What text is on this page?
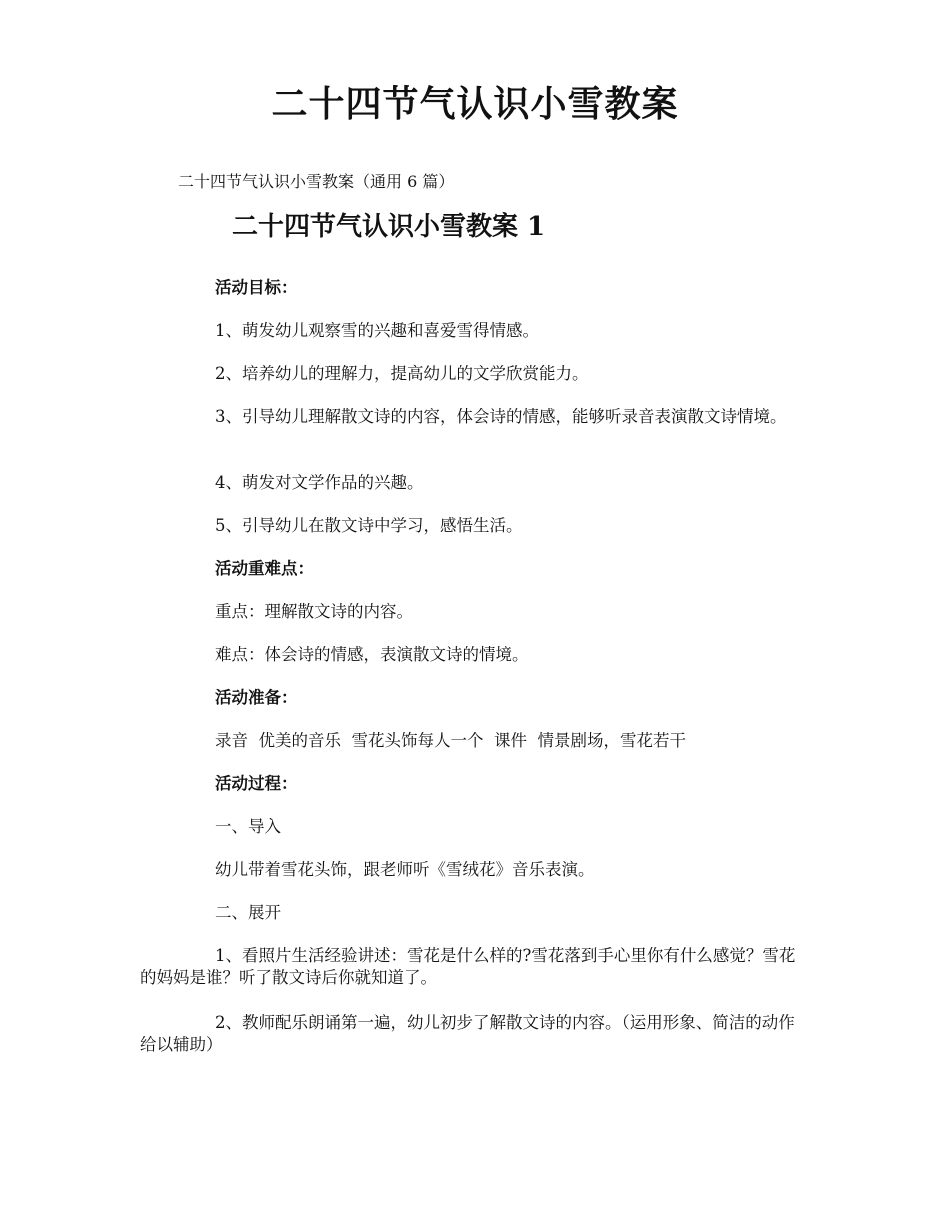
二十四节气认识小雪教案

二十四节气认识小雪教案（通用 6 篇）

二十四节气认识小雪教案 1

活动目标：

1、萌发幼儿观察雪的兴趣和喜爱雪得情感。

2、培养幼儿的理解力，提高幼儿的文学欣赏能力。

3、引导幼儿理解散文诗的内容，体会诗的情感，能够听录音表演散文诗情境。

4、萌发对文学作品的兴趣。

5、引导幼儿在散文诗中学习，感悟生活。

活动重难点：

重点：理解散文诗的内容。

难点：体会诗的情感，表演散文诗的情境。

活动准备：

录音  优美的音乐  雪花头饰每人一个  课件  情景剧场，雪花若干

活动过程：

一、导入

幼儿带着雪花头饰，跟老师听《雪绒花》音乐表演。

二、展开

1、看照片生活经验讲述：雪花是什么样的?雪花落到手心里你有什么感觉？雪花的妈妈是谁？听了散文诗后你就知道了。

2、教师配乐朗诵第一遍，幼儿初步了解散文诗的内容。（运用形象、简洁的动作给以辅助）
